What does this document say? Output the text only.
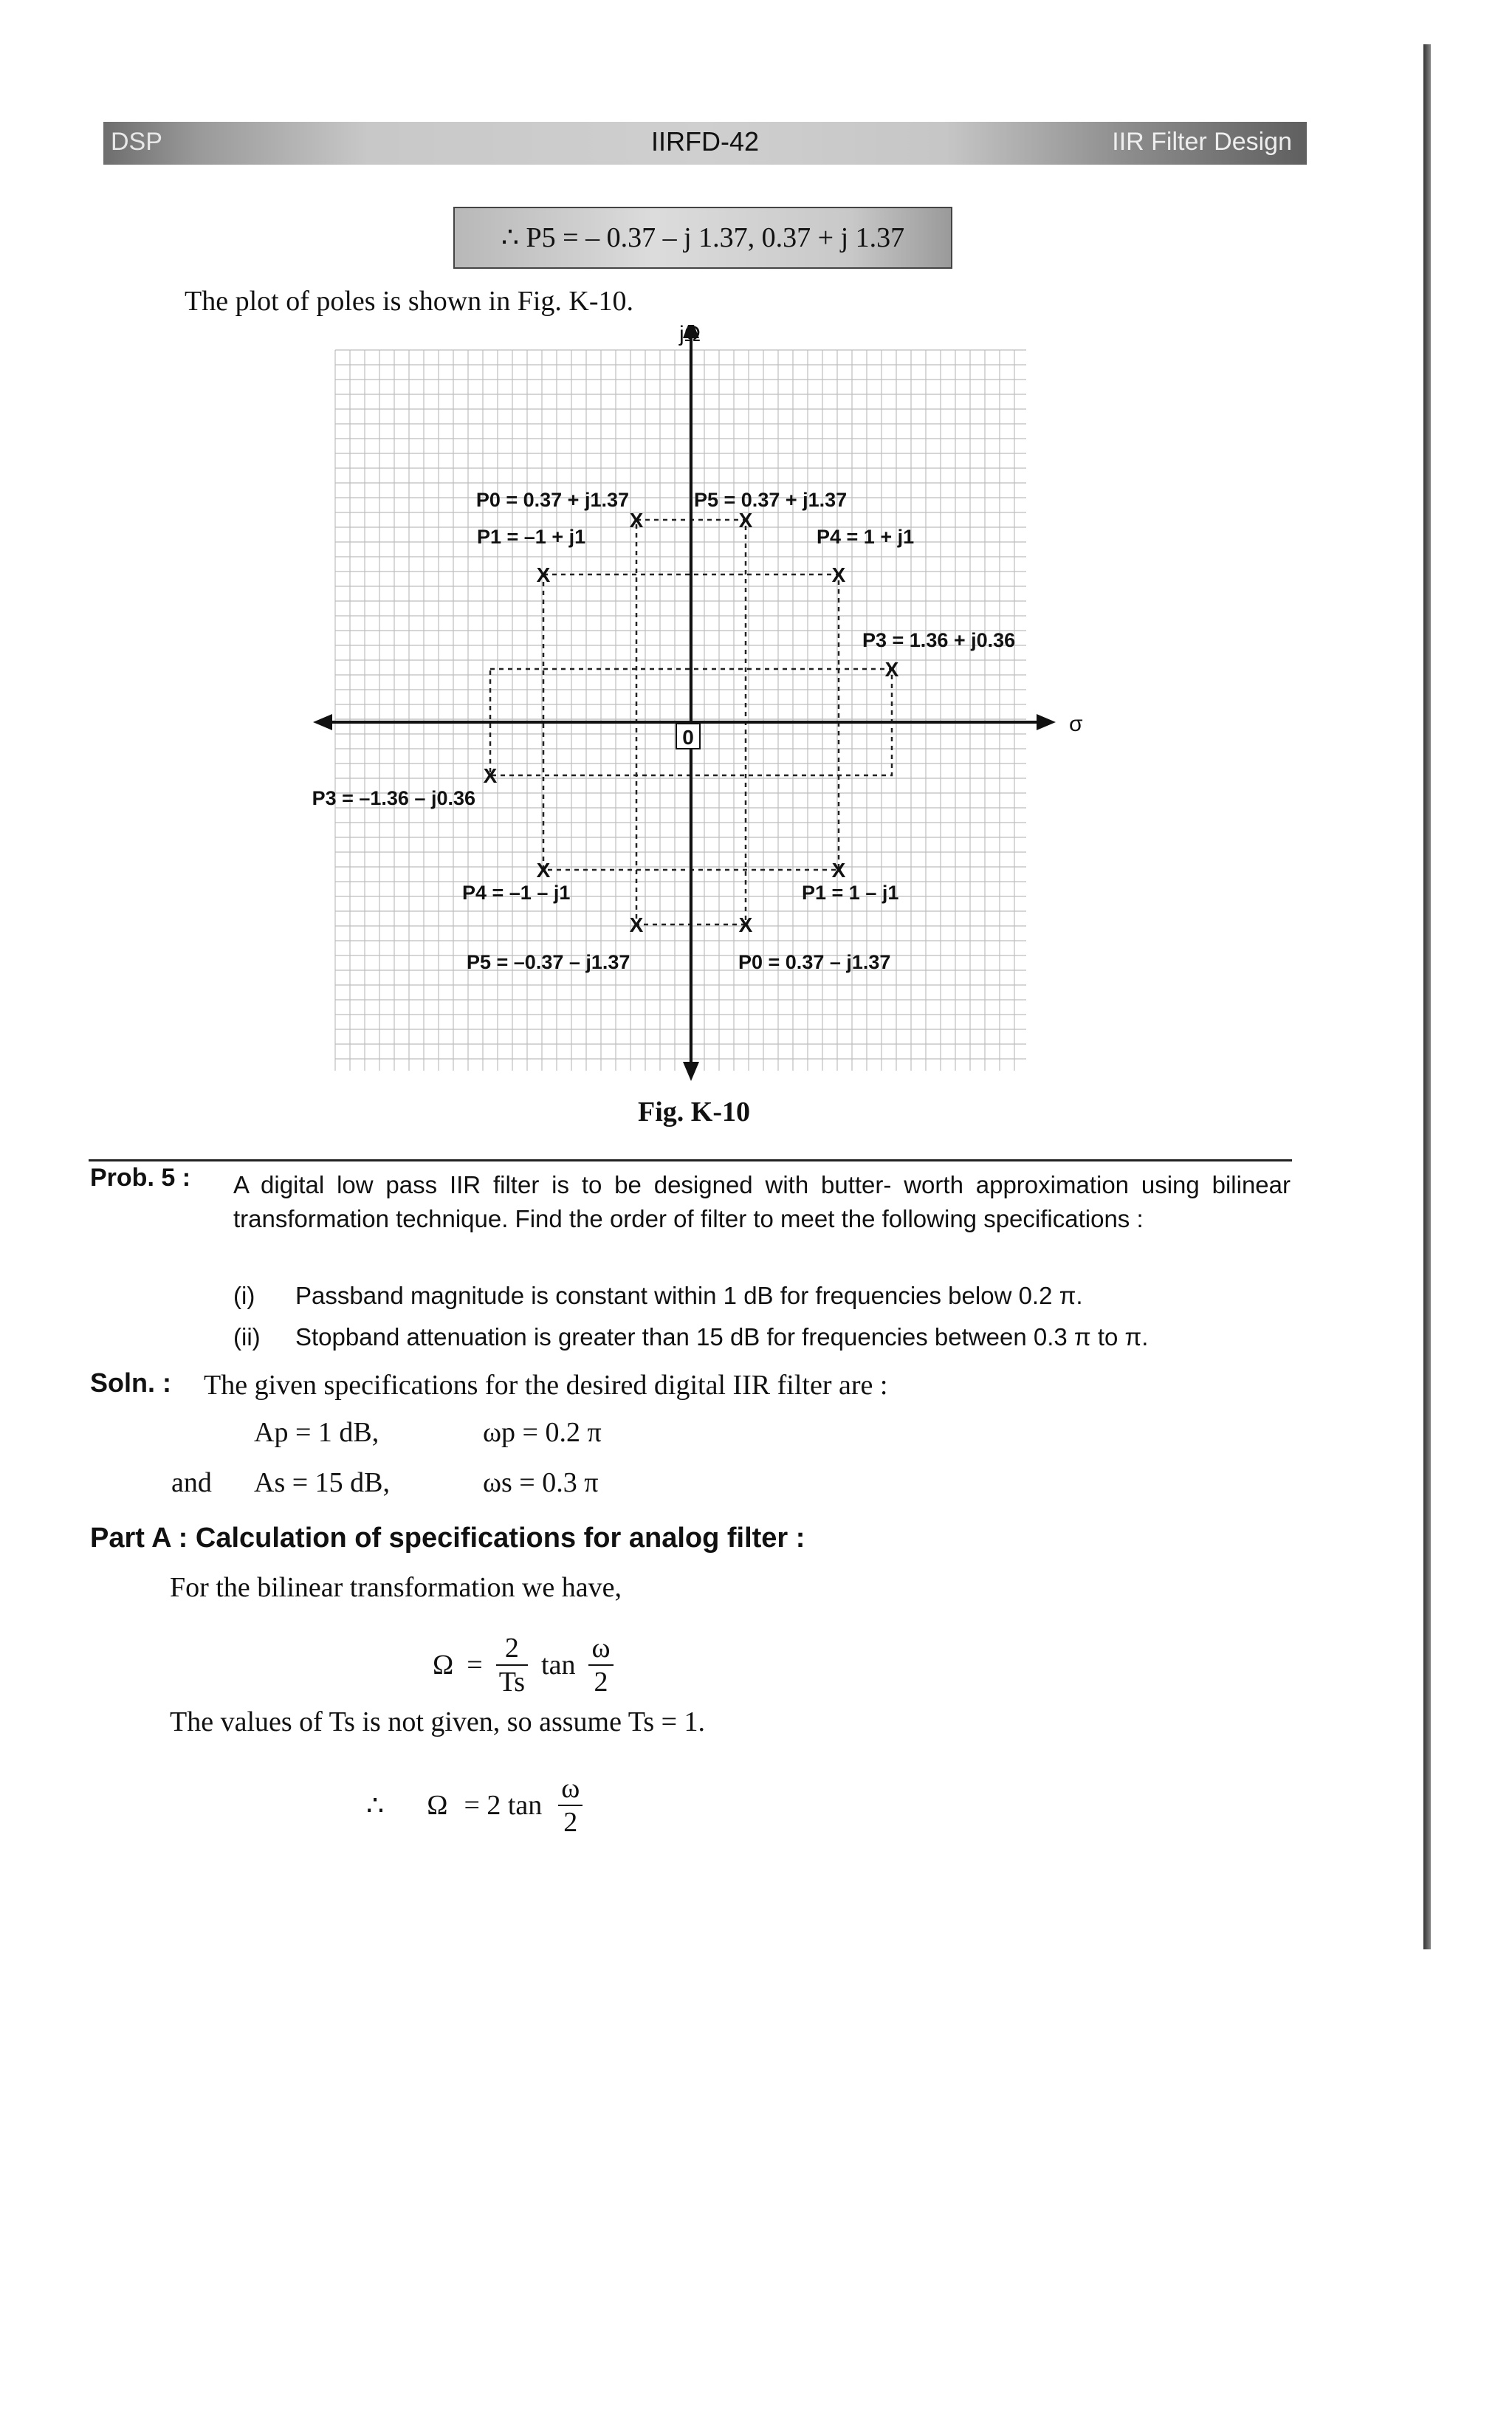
DSP	IIRFD-42	IIR Filter Design
∴ P5 = – 0.37 – j 1.37, 0.37 + j 1.37
The plot of poles is shown in Fig. K-10.
jΩ
σ
0
X	X
X	X
X
X
X	X
X	X
P0 = 0.37 + j1.37	P5 = 0.37 + j1.37
P1 = –1 + j1	P4 = 1 + j1
P3 = 1.36 + j0.36
P3 = –1.36 – j0.36
P4 = –1 – j1	P1 = 1 – j1
P5 = –0.37 – j1.37	P0 = 0.37 – j1.37
Fig. K-10
Prob. 5 : A digital low pass IIR filter is to be designed with butter- worth approximation using bilinear transformation technique. Find the order of filter to meet the following specifications :
(i) Passband magnitude is constant within 1 dB for frequencies below 0.2 π.
(ii) Stopband attenuation is greater than 15 dB for frequencies between 0.3 π to π.
Soln. : The given specifications for the desired digital IIR filter are :
Ap = 1 dB,	ωp = 0.2 π
and As = 15 dB,	ωs = 0.3 π
Part A : Calculation of specifications for analog filter :
For the bilinear transformation we have,
$\Omega = \frac{2}{Ts}$ $\tan \frac{\omega}{2}$
The values of Ts is not given, so assume Ts = 1.
∴ Ω = 2 $\tan \frac{\omega}{2}$
